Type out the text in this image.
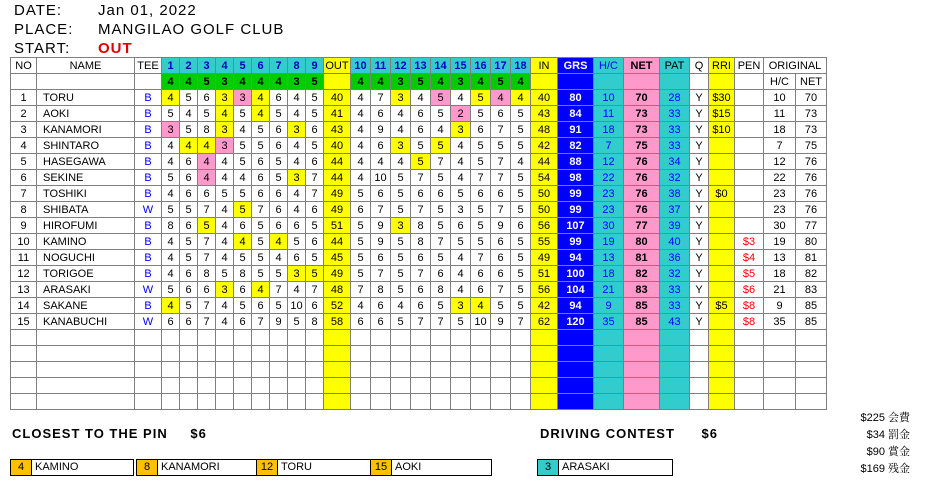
DATE: Jan 01, 2022
PLACE: MANGILAO GOLF CLUB
START: OUT
NO	NAME	TEE	1	2	3	4	5	6	7	8	9	OUT	10	11	12	13	14	15	16	17	18	IN	GRS	H/C	NET	PAT	Q	RRI	PEN	ORIGINAL	
			4	4	5	3	4	4	4	3	5		4	4	3	5	4	3	4	5	4									H/C	NET
1	TORU	B	4	5	6	3	3	4	6	4	5	40	4	7	3	4	5	4	5	4	4	40	80	10	70	28	Y	$30		10	70
2	AOKI	B	5	4	5	4	5	4	5	4	5	41	4	6	4	6	5	2	5	6	5	43	84	11	73	33	Y	$15		11	73
3	KANAMORI	B	3	5	8	3	4	5	6	3	6	43	4	9	4	6	4	3	6	7	5	48	91	18	73	33	Y	$10		18	73
4	SHINTARO	B	4	4	4	3	5	5	6	4	5	40	4	6	3	5	5	4	5	5	5	42	82	7	75	33	Y			7	75
5	HASEGAWA	B	4	6	4	4	5	6	5	4	6	44	4	4	4	5	7	4	5	7	4	44	88	12	76	34	Y			12	76
6	SEKINE	B	5	6	4	4	4	6	5	3	7	44	4	10	5	7	5	4	7	7	5	54	98	22	76	32	Y			22	76
7	TOSHIKI	B	4	6	6	5	5	6	6	4	7	49	5	6	5	6	6	5	6	6	5	50	99	23	76	38	Y	$0		23	76
8	SHIBATA	W	5	5	7	4	5	7	6	4	6	49	6	7	5	7	5	3	5	7	5	50	99	23	76	37	Y			23	76
9	HIROFUMI	B	8	6	5	4	6	5	6	6	5	51	5	9	3	8	5	6	5	9	6	56	107	30	77	39	Y			30	77
10	KAMINO	B	4	5	7	4	4	5	4	5	6	44	5	9	5	8	7	5	5	6	5	55	99	19	80	40	Y		$3	19	80
11	NOGUCHI	B	4	5	7	4	5	5	4	6	5	45	5	6	5	6	5	4	7	6	5	49	94	13	81	36	Y		$4	13	81
12	TORIGOE	B	4	6	8	5	8	5	5	3	5	49	5	7	5	7	6	4	6	6	5	51	100	18	82	32	Y		$5	18	82
13	ARASAKI	W	5	6	6	3	6	4	7	4	7	48	7	8	5	6	8	4	6	7	5	56	104	21	83	33	Y		$6	21	83
14	SAKANE	B	4	5	7	4	5	6	5	10	6	52	4	6	4	6	5	3	4	5	5	42	94	9	85	33	Y	$5	$8	9	85
15	KANABUCHI	W	6	6	7	4	6	7	9	5	8	58	6	6	5	7	7	5	10	9	7	62	120	35	85	43	Y		$8	35	85

CLOSEST TO THE PIN $6	DRIVING CONTEST $6
$225 会費
$34 罰金
$90 賞金
$169 残金
4 KAMINO	8 KANAMORI	12 TORU	15 AOKI	3 ARASAKI
